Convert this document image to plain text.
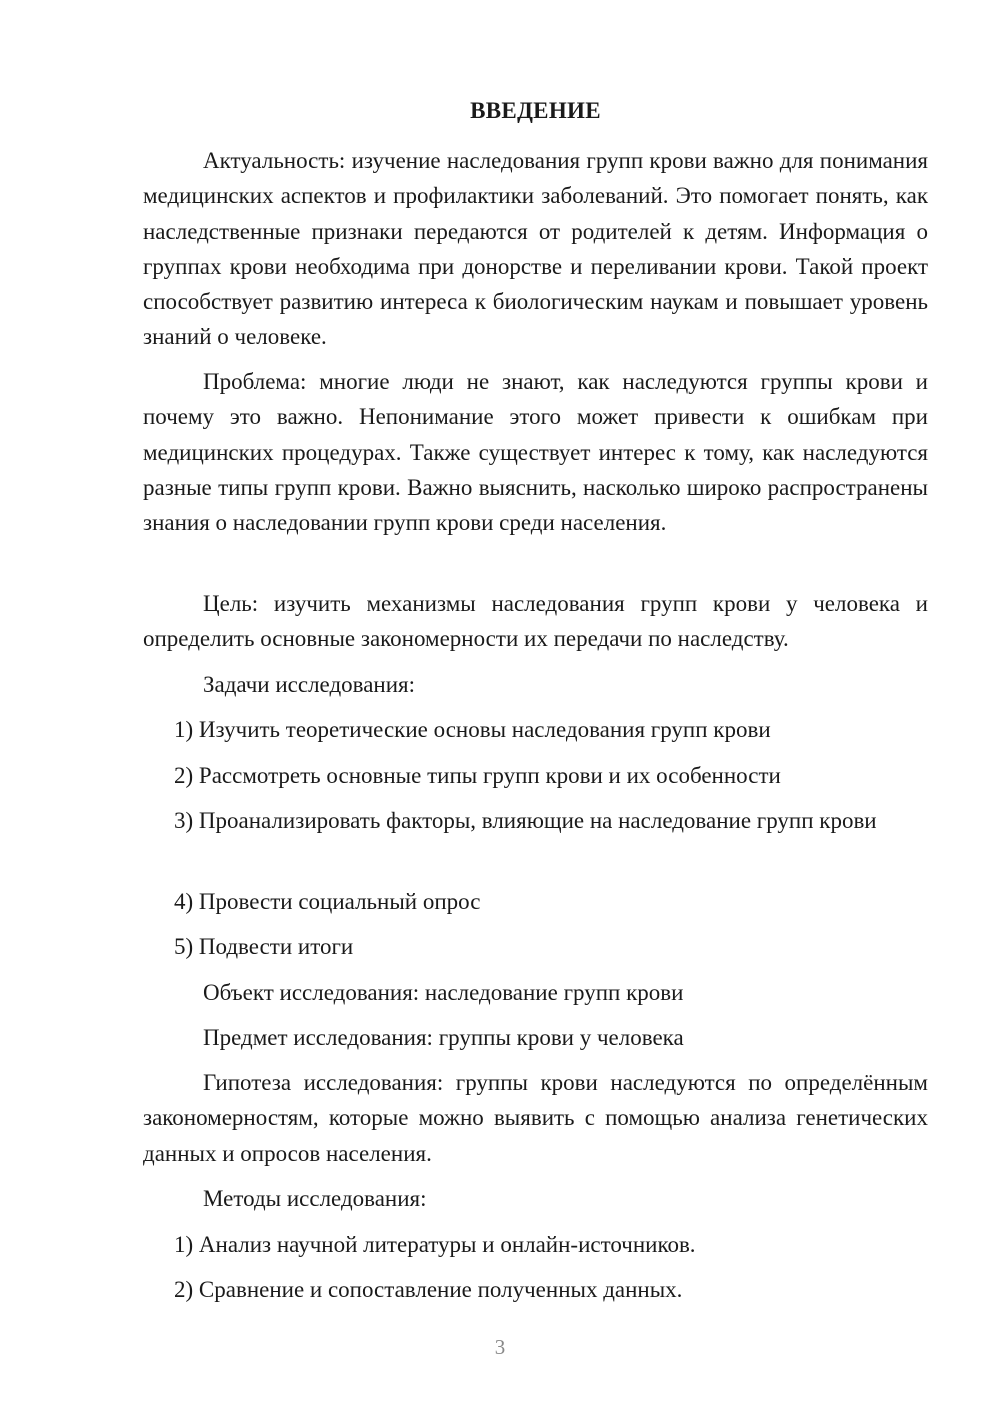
ВВЕДЕНИЕ

Актуальность: изучение наследования групп крови важно для понимания медицинских аспектов и профилактики заболеваний. Это помогает понять, как наследственные признаки передаются от родителей к детям. Информация о группах крови необходима при донорстве и переливании крови. Такой проект способствует развитию интереса к биологическим наукам и повышает уровень знаний о человеке.

Проблема: многие люди не знают, как наследуются группы крови и почему это важно. Непонимание этого может привести к ошибкам при медицинских процедурах. Также существует интерес к тому, как наследуются разные типы групп крови. Важно выяснить, насколько широко распространены знания о наследовании групп крови среди населения.

Цель: изучить механизмы наследования групп крови у человека и определить основные закономерности их передачи по наследству.

Задачи исследования:

1) Изучить теоретические основы наследования групп крови

2) Рассмотреть основные типы групп крови и их особенности

3) Проанализировать факторы, влияющие на наследование групп крови

4) Провести социальный опрос

5) Подвести итоги

Объект исследования: наследование групп крови

Предмет исследования: группы крови у человека

Гипотеза исследования: группы крови наследуются по определённым закономерностям, которые можно выявить с помощью анализа генетических данных и опросов населения.

Методы исследования:

1) Анализ научной литературы и онлайн-источников.

2) Сравнение и сопоставление полученных данных.

3
